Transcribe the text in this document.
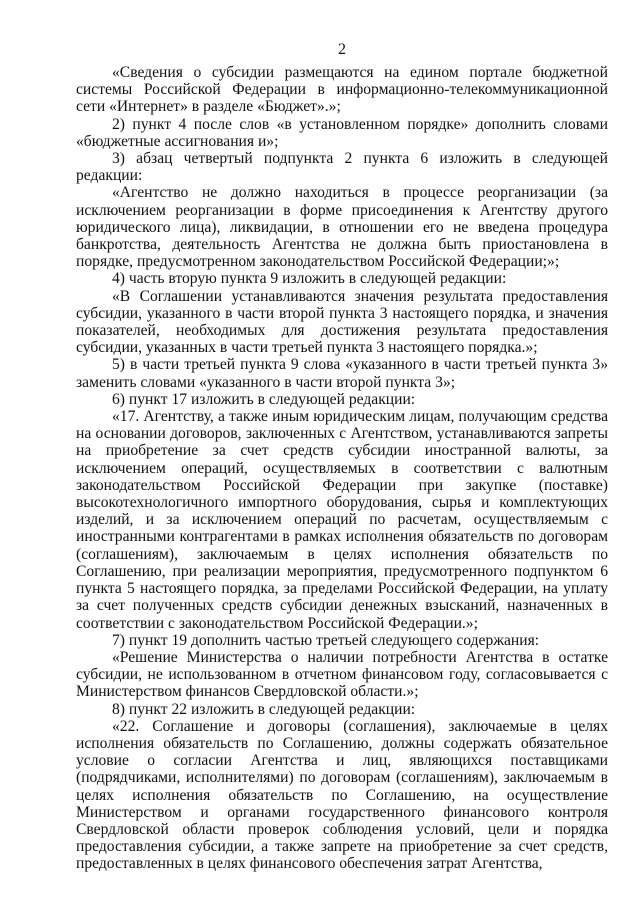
2

«Сведения о субсидии размещаются на едином портале бюджетной системы Российской Федерации в информационно-телекоммуникационной сети «Интернет» в разделе «Бюджет».»;

2) пункт 4 после слов «в установленном порядке» дополнить словами «бюджетные ассигнования и»;

3) абзац четвертый подпункта 2 пункта 6 изложить в следующей редакции:

«Агентство не должно находиться в процессе реорганизации (за исключением реорганизации в форме присоединения к Агентству другого юридического лица), ликвидации, в отношении его не введена процедура банкротства, деятельность Агентства не должна быть приостановлена в порядке, предусмотренном законодательством Российской Федерации;»;

4) часть вторую пункта 9 изложить в следующей редакции:

«В Соглашении устанавливаются значения результата предоставления субсидии, указанного в части второй пункта 3 настоящего порядка, и значения показателей, необходимых для достижения результата предоставления субсидии, указанных в части третьей пункта 3 настоящего порядка.»;

5) в части третьей пункта 9 слова «указанного в части третьей пункта 3» заменить словами «указанного в части второй пункта 3»;

6) пункт 17 изложить в следующей редакции:

«17. Агентству, а также иным юридическим лицам, получающим средства на основании договоров, заключенных с Агентством, устанавливаются запреты на приобретение за счет средств субсидии иностранной валюты, за исключением операций, осуществляемых в соответствии с валютным законодательством Российской Федерации при закупке (поставке) высокотехнологичного импортного оборудования, сырья и комплектующих изделий, и за исключением операций по расчетам, осуществляемым с иностранными контрагентами в рамках исполнения обязательств по договорам (соглашениям), заключаемым в целях исполнения обязательств по Соглашению, при реализации мероприятия, предусмотренного подпунктом 6 пункта 5 настоящего порядка, за пределами Российской Федерации, на уплату за счет полученных средств субсидии денежных взысканий, назначенных в соответствии с законодательством Российской Федерации.»;

7) пункт 19 дополнить частью третьей следующего содержания:

«Решение Министерства о наличии потребности Агентства в остатке субсидии, не использованном в отчетном финансовом году, согласовывается с Министерством финансов Свердловской области.»;

8) пункт 22 изложить в следующей редакции:

«22. Соглашение и договоры (соглашения), заключаемые в целях исполнения обязательств по Соглашению, должны содержать обязательное условие о согласии Агентства и лиц, являющихся поставщиками (подрядчиками, исполнителями) по договорам (соглашениям), заключаемым в целях исполнения обязательств по Соглашению, на осуществление Министерством и органами государственного финансового контроля Свердловской области проверок соблюдения условий, цели и порядка предоставления субсидии, а также запрете на приобретение за счет средств, предоставленных в целях финансового обеспечения затрат Агентства,
